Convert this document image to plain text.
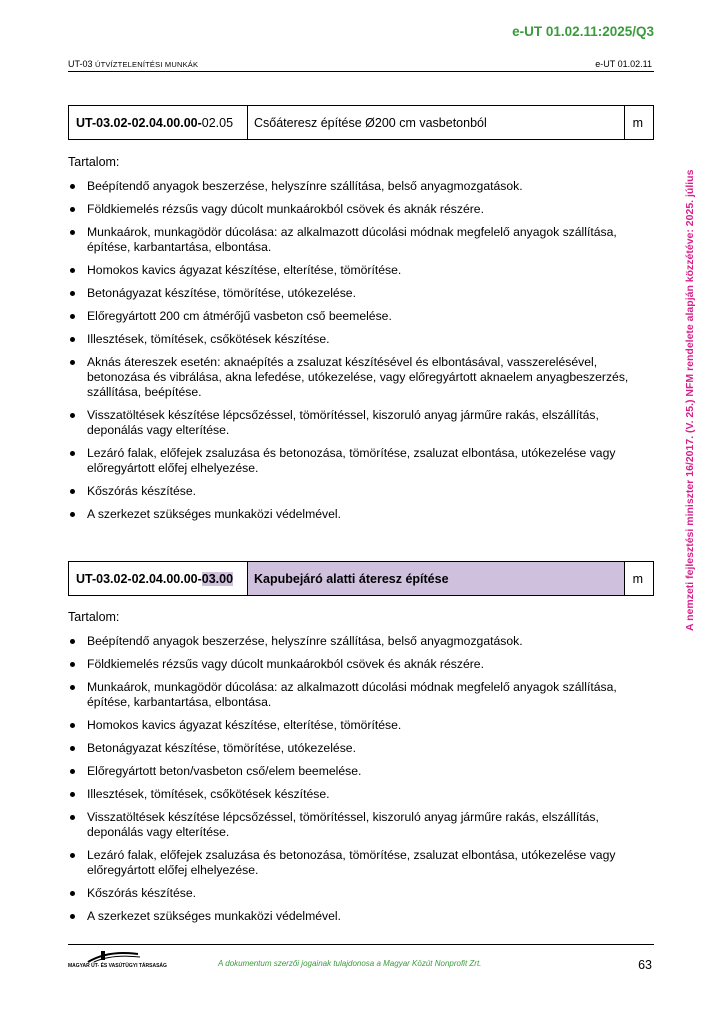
e-UT 01.02.11:2025/Q3
UT-03 ÚTVÍZTELENÍTÉSI MUNKÁK	e-UT 01.02.11
A nemzeti fejlesztési miniszter 16/2017. (V. 25.) NFM rendelete alapján közzétéve: 2025. július
UT-03.02-02.04.00.00-02.05	Csőáteresz építése Ø200 cm vasbetonból	m
Tartalom:
Beépítendő anyagok beszerzése, helyszínre szállítása, belső anyagmozgatások.
Földkiemelés rézsűs vagy dúcolt munkaárokból csövek és aknák részére.
Munkaárok, munkagödör dúcolása: az alkalmazott dúcolási módnak megfelelő anyagok szállítása, építése, karbantartása, elbontása.
Homokos kavics ágyazat készítése, elterítése, tömörítése.
Betonágyazat készítése, tömörítése, utókezelése.
Előregyártott 200 cm átmérőjű vasbeton cső beemelése.
Illesztések, tömítések, csőkötések készítése.
Aknás átereszek esetén: aknaépítés a zsaluzat készítésével és elbontásával, vasszerelésével, betonozása és vibrálása, akna lefedése, utókezelése, vagy előregyártott aknaelem anyagbeszerzés, szállítása, beépítése.
Visszatöltések készítése lépcsőzéssel, tömörítéssel, kiszoruló anyag járműre rakás, elszállítás, deponálás vagy elterítése.
Lezáró falak, előfejek zsaluzása és betonozása, tömörítése, zsaluzat elbontása, utókezelése vagy előregyártott előfej elhelyezése.
Kőszórás készítése.
A szerkezet szükséges munkaközi védelmével.
UT-03.02-02.04.00.00-03.00	Kapubejáró alatti áteresz építése	m
Tartalom:
Beépítendő anyagok beszerzése, helyszínre szállítása, belső anyagmozgatások.
Földkiemelés rézsűs vagy dúcolt munkaárokból csövek és aknák részére.
Munkaárok, munkagödör dúcolása: az alkalmazott dúcolási módnak megfelelő anyagok szállítása, építése, karbantartása, elbontása.
Homokos kavics ágyazat készítése, elterítése, tömörítése.
Betonágyazat készítése, tömörítése, utókezelése.
Előregyártott beton/vasbeton cső/elem beemelése.
Illesztések, tömítések, csőkötések készítése.
Visszatöltések készítése lépcsőzéssel, tömörítéssel, kiszoruló anyag járműre rakás, elszállítás, deponálás vagy elterítése.
Lezáró falak, előfejek zsaluzása és betonozása, tömörítése, zsaluzat elbontása, utókezelése vagy előregyártott előfej elhelyezése.
Kőszórás készítése.
A szerkezet szükséges munkaközi védelmével.
MAGYAR ÚT- ÉS VASÚTÜGYI TÁRSASÁG	A dokumentum szerzői jogainak tulajdonosa a Magyar Közút Nonprofit Zrt.	63
